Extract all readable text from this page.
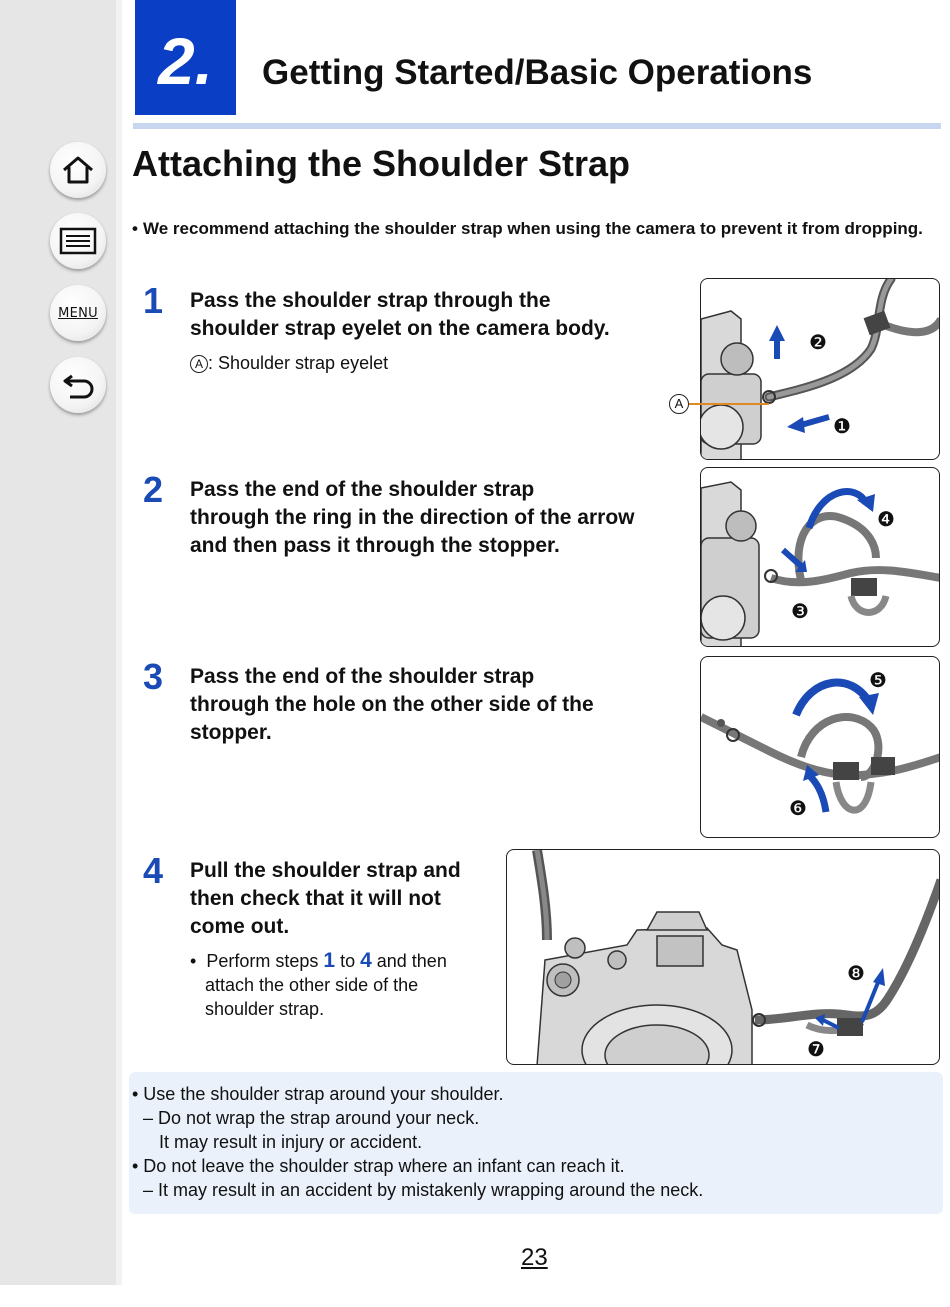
MENU
2. Getting Started/Basic Operations
Attaching the Shoulder Strap
• We recommend attaching the shoulder strap when using the camera to prevent it from dropping.
1 Pass the shoulder strap through the
shoulder strap eyelet on the camera body.
A : Shoulder strap eyelet
2 Pass the end of the shoulder strap
through the ring in the direction of the arrow
and then pass it through the stopper.
3 Pass the end of the shoulder strap
through the hole on the other side of the
stopper.
4 Pull the shoulder strap and
then check that it will not
come out.
• Perform steps 1 to 4 and then
attach the other side of the
shoulder strap.
❷
❶
A
❹
❸
❺
❻
❽
❼
• Use the shoulder strap around your shoulder.
– Do not wrap the strap around your neck.
It may result in injury or accident.
• Do not leave the shoulder strap where an infant can reach it.
– It may result in an accident by mistakenly wrapping around the neck.
23
